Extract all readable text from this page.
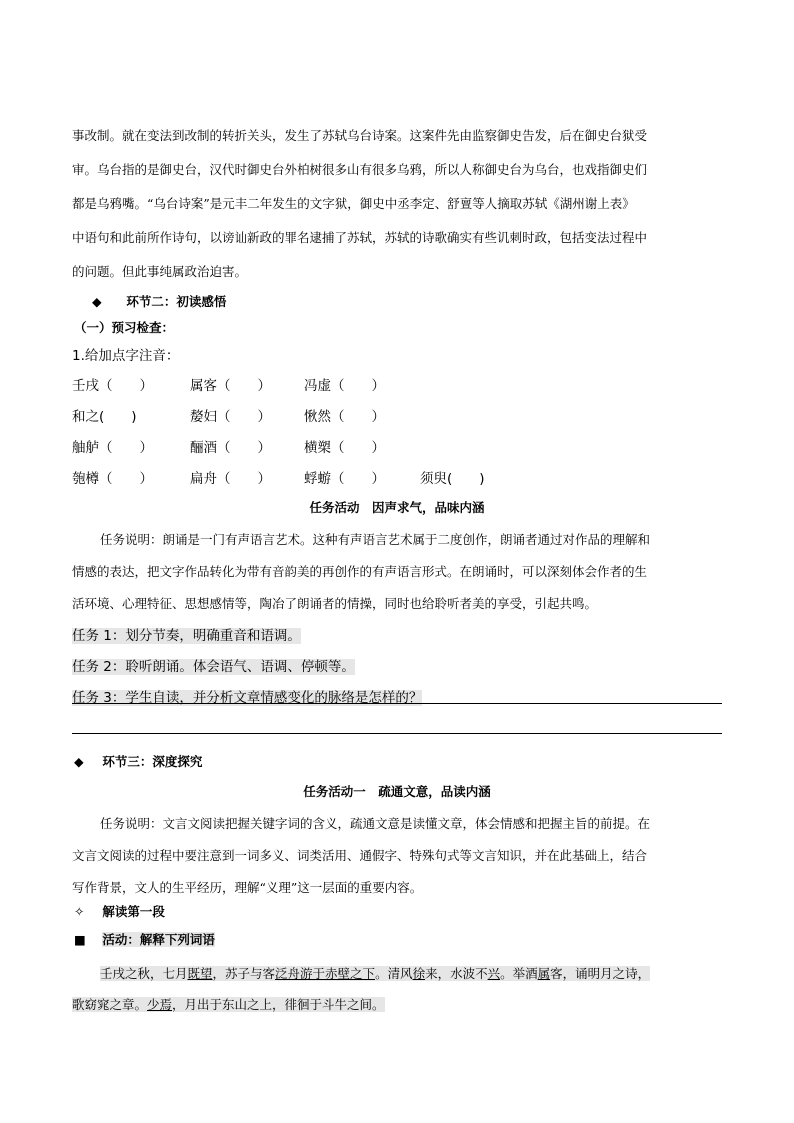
事改制。就在变法到改制的转折关头，发生了苏轼乌台诗案。这案件先由监察御史告发，后在御史台狱受
审。乌台指的是御史台，汉代时御史台外柏树很多山有很多乌鸦，所以人称御史台为乌台，也戏指御史们
都是乌鸦嘴。“乌台诗案”是元丰二年发生的文字狱，御史中丞李定、舒亶等人摘取苏轼《湖州谢上表》
中语句和此前所作诗句，以谤讪新政的罪名逮捕了苏轼，苏轼的诗歌确实有些讥刺时政，包括变法过程中
的问题。但此事纯属政治迫害。
◆ 环节二：初读感悟
（一）预习检查：
1.给加点字注音：
壬戌（　　）	属客（　　） 冯虚（　　）
和之(　　)	嫠妇（　　） 愀然（　　）
舳舻（　　）	酾酒（　　） 横槊（　　）
匏樽（　　）	扁舟（　　） 蜉蝣（　　）	须臾(　　)
任务活动　因声求气，品味内涵
任务说明：朗诵是一门有声语言艺术。这种有声语言艺术属于二度创作，朗诵者通过对作品的理解和
情感的表达，把文字作品转化为带有音韵美的再创作的有声语言形式。在朗诵时，可以深刻体会作者的生
活环境、心理特征、思想感情等，陶冶了朗诵者的情操，同时也给聆听者美的享受，引起共鸣。
任务 1：划分节奏，明确重音和语调。
任务 2：聆听朗诵。体会语气、语调、停顿等。
任务 3：学生自读，并分析文章情感变化的脉络是怎样的？
◆ 环节三：深度探究
任务活动一　疏通文意，品读内涵
任务说明：文言文阅读把握关键字词的含义，疏通文意是读懂文章，体会情感和把握主旨的前提。在
文言文阅读的过程中要注意到一词多义、词类活用、通假字、特殊句式等文言知识，并在此基础上，结合
写作背景，文人的生平经历，理解“义理”这一层面的重要内容。
✧ 解读第一段
■ 活动：解释下列词语
壬戌之秋，七月既望，苏子与客泛舟游于赤壁之下。清风徐来，水波不兴。举酒属客，诵明月之诗，
歌窈窕之章。少焉，月出于东山之上，徘徊于斗牛之间。
